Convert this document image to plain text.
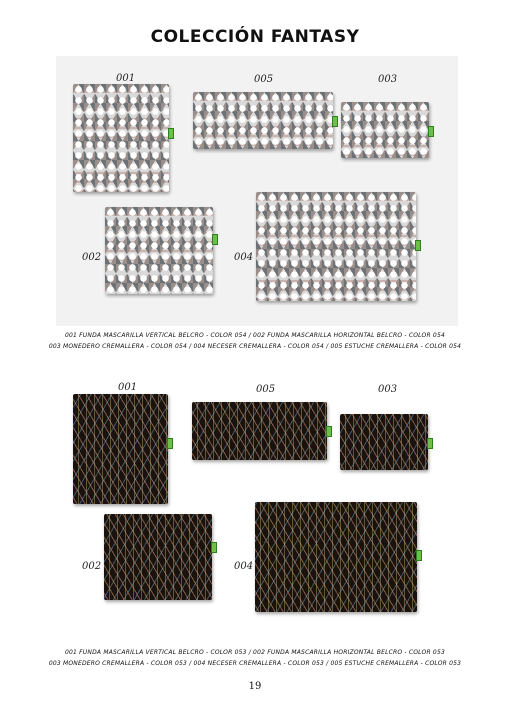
COLECCIÓN FANTASY
001	005	003
002	004
001 FUNDA MASCARILLA VERTICAL BELCRO - COLOR 054 / 002 FUNDA MASCARILLA HORIZONTAL BELCRO - COLOR 054
003 MONEDERO CREMALLERA - COLOR 054 / 004 NECESER CREMALLERA - COLOR 054 / 005 ESTUCHE CREMALLERA - COLOR 054
001	005	003
002	004
001 FUNDA MASCARILLA VERTICAL BELCRO - COLOR 053 / 002 FUNDA MASCARILLA HORIZONTAL BELCRO - COLOR 053
003 MONEDERO CREMALLERA - COLOR 053 / 004 NECESER CREMALLERA - COLOR 053 / 005 ESTUCHE CREMALLERA - COLOR 053
19
